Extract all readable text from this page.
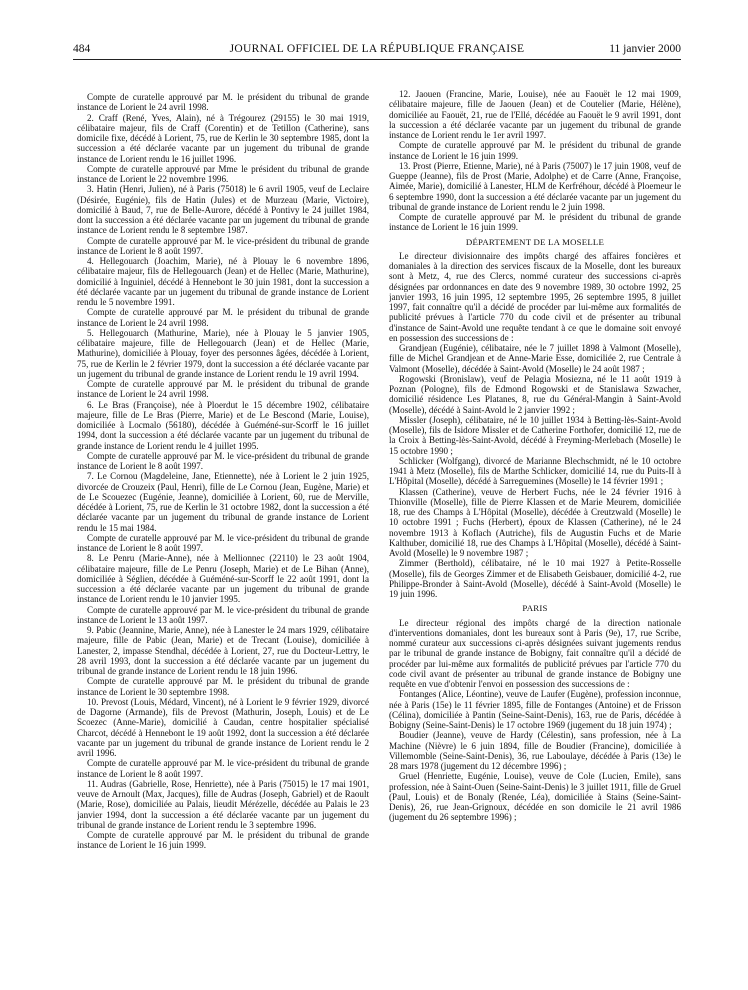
484	JOURNAL OFFICIEL DE LA RÉPUBLIQUE FRANÇAISE	11 janvier 2000

Compte de curatelle approuvé par M. le président du tribunal de grande instance de Lorient le 24 avril 1998.

2. Craff (René, Yves, Alain), né à Trégourez (29155) le 30 mai 1919, célibataire majeur, fils de Craff (Corentin) et de Tetillon (Catherine), sans domicile fixe, décédé à Lorient, 75, rue de Kerlin le 30 septembre 1985, dont la succession a été déclarée vacante par un jugement du tribunal de grande instance de Lorient rendu le 16 juillet 1996.

Compte de curatelle approuvé par Mme le président du tribunal de grande instance de Lorient le 22 novembre 1996.

3. Hatin (Henri, Julien), né à Paris (75018) le 6 avril 1905, veuf de Leclaire (Désirée, Eugénie), fils de Hatin (Jules) et de Murzeau (Marie, Victoire), domicilié à Baud, 7, rue de Belle-Aurore, décédé à Pontivy le 24 juillet 1984, dont la succession a été déclarée vacante par un jugement du tribunal de grande instance de Lorient rendu le 8 septembre 1987.

Compte de curatelle approuvé par M. le vice-président du tribunal de grande instance de Lorient le 8 août 1997.

4. Hellegouarch (Joachim, Marie), né à Plouay le 6 novembre 1896, célibataire majeur, fils de Hellegouarch (Jean) et de Hellec (Marie, Mathurine), domicilié à Inguiniel, décédé à Hennebont le 30 juin 1981, dont la succession a été déclarée vacante par un jugement du tribunal de grande instance de Lorient rendu le 5 novembre 1991.

Compte de curatelle approuvé par M. le président du tribunal de grande instance de Lorient le 24 avril 1998.

5. Hellegouarch (Mathurine, Marie), née à Plouay le 5 janvier 1905, célibataire majeure, fille de Hellegouarch (Jean) et de Hellec (Marie, Mathurine), domiciliée à Plouay, foyer des personnes âgées, décédée à Lorient, 75, rue de Kerlin le 2 février 1979, dont la succession a été déclarée vacante par un jugement du tribunal de grande instance de Lorient rendu le 19 avril 1994.

Compte de curatelle approuvé par M. le président du tribunal de grande instance de Lorient le 24 avril 1998.

6. Le Bras (Françoise), née à Ploerdut le 15 décembre 1902, célibataire majeure, fille de Le Bras (Pierre, Marie) et de Le Bescond (Marie, Louise), domiciliée à Locmalo (56180), décédée à Guéméné-sur-Scorff le 16 juillet 1994, dont la succession a été déclarée vacante par un jugement du tribunal de grande instance de Lorient rendu le 4 juillet 1995.

Compte de curatelle approuvé par M. le vice-président du tribunal de grande instance de Lorient le 8 août 1997.

7. Le Cornou (Magdeleine, Jane, Etiennette), née à Lorient le 2 juin 1925, divorcée de Crouzeix (Paul, Henri), fille de Le Cornou (Jean, Eugène, Marie) et de Le Scouezec (Eugénie, Jeanne), domiciliée à Lorient, 60, rue de Merville, décédée à Lorient, 75, rue de Kerlin le 31 octobre 1982, dont la succession a été déclarée vacante par un jugement du tribunal de grande instance de Lorient rendu le 15 mai 1984.

Compte de curatelle approuvé par M. le vice-président du tribunal de grande instance de Lorient le 8 août 1997.

8. Le Penru (Marie-Anne), née à Mellionnec (22110) le 23 août 1904, célibataire majeure, fille de Le Penru (Joseph, Marie) et de Le Bihan (Anne), domiciliée à Séglien, décédée à Guéméné-sur-Scorff le 22 août 1991, dont la succession a été déclarée vacante par un jugement du tribunal de grande instance de Lorient rendu le 10 janvier 1995.

Compte de curatelle approuvé par M. le vice-président du tribunal de grande instance de Lorient le 13 août 1997.

9. Pabic (Jeannine, Marie, Anne), née à Lanester le 24 mars 1929, célibataire majeure, fille de Pabic (Jean, Marie) et de Trecant (Louise), domiciliée à Lanester, 2, impasse Stendhal, décédée à Lorient, 27, rue du Docteur-Lettry, le 28 avril 1993, dont la succession a été déclarée vacante par un jugement du tribunal de grande instance de Lorient rendu le 18 juin 1996.

Compte de curatelle approuvé par M. le président du tribunal de grande instance de Lorient le 30 septembre 1998.

10. Prevost (Louis, Médard, Vincent), né à Lorient le 9 février 1929, divorcé de Dagorne (Armande), fils de Prevost (Mathurin, Joseph, Louis) et de Le Scoezec (Anne-Marie), domicilié à Caudan, centre hospitalier spécialisé Charcot, décédé à Hennebont le 19 août 1992, dont la succession a été déclarée vacante par un jugement du tribunal de grande instance de Lorient rendu le 2 avril 1996.

Compte de curatelle approuvé par M. le vice-président du tribunal de grande instance de Lorient le 8 août 1997.

11. Audras (Gabrielle, Rose, Henriette), née à Paris (75015) le 17 mai 1901, veuve de Arnoult (Max, Jacques), fille de Audras (Joseph, Gabriel) et de Raoult (Marie, Rose), domiciliée au Palais, lieudit Mérézelle, décédée au Palais le 23 janvier 1994, dont la succession a été déclarée vacante par un jugement du tribunal de grande instance de Lorient rendu le 3 septembre 1996.

Compte de curatelle approuvé par M. le président du tribunal de grande instance de Lorient le 16 juin 1999.

12. Jaouen (Francine, Marie, Louise), née au Faouët le 12 mai 1909, célibataire majeure, fille de Jaouen (Jean) et de Coutelier (Marie, Hélène), domiciliée au Faouët, 21, rue de l'Ellé, décédée au Faouët le 9 avril 1991, dont la succession a été déclarée vacante par un jugement du tribunal de grande instance de Lorient rendu le 1er avril 1997.

Compte de curatelle approuvé par M. le président du tribunal de grande instance de Lorient le 16 juin 1999.

13. Prost (Pierre, Etienne, Marie), né à Paris (75007) le 17 juin 1908, veuf de Gueppe (Jeanne), fils de Prost (Marie, Adolphe) et de Carre (Anne, Françoise, Aimée, Marie), domicilié à Lanester, HLM de Kerfréhour, décédé à Ploemeur le 6 septembre 1990, dont la succession a été déclarée vacante par un jugement du tribunal de grande instance de Lorient rendu le 2 juin 1998.

Compte de curatelle approuvé par M. le président du tribunal de grande instance de Lorient le 16 juin 1999.

DÉPARTEMENT DE LA MOSELLE

Le directeur divisionnaire des impôts chargé des affaires foncières et domaniales à la direction des services fiscaux de la Moselle, dont les bureaux sont à Metz, 4, rue des Clercs, nommé curateur des successions ci-après désignées par ordonnances en date des 9 novembre 1989, 30 octobre 1992, 25 janvier 1993, 16 juin 1995, 12 septembre 1995, 26 septembre 1995, 8 juillet 1997, fait connaître qu'il a décidé de procéder par lui-même aux formalités de publicité prévues à l'article 770 du code civil et de présenter au tribunal d'instance de Saint-Avold une requête tendant à ce que le domaine soit envoyé en possession des successions de :

Grandjean (Eugénie), célibataire, née le 7 juillet 1898 à Valmont (Moselle), fille de Michel Grandjean et de Anne-Marie Esse, domiciliée 2, rue Centrale à Valmont (Moselle), décédée à Saint-Avold (Moselle) le 24 août 1987 ;

Rogowski (Bronislaw), veuf de Pelagia Mosiezna, né le 11 août 1919 à Poznan (Pologne), fils de Edmond Rogowski et de Stanislawa Szwacher, domicilié résidence Les Platanes, 8, rue du Général-Mangin à Saint-Avold (Moselle), décédé à Saint-Avold le 2 janvier 1992 ;

Missler (Joseph), célibataire, né le 10 juillet 1934 à Betting-lès-Saint-Avold (Moselle), fils de Isidore Missler et de Catherine Forthofer, domicilié 12, rue de la Croix à Betting-lès-Saint-Avold, décédé à Freyming-Merlebach (Moselle) le 15 octobre 1990 ;

Schlicker (Wolfgang), divorcé de Marianne Blechschmidt, né le 10 octobre 1941 à Metz (Moselle), fils de Marthe Schlicker, domicilié 14, rue du Puits-II à L'Hôpital (Moselle), décédé à Sarreguemines (Moselle) le 14 février 1991 ;

Klassen (Catherine), veuve de Herbert Fuchs, née le 24 février 1916 à Thionville (Moselle), fille de Pierre Klassen et de Marie Meurem, domiciliée 18, rue des Champs à L'Hôpital (Moselle), décédée à Creutzwald (Moselle) le 10 octobre 1991 ; Fuchs (Herbert), époux de Klassen (Catherine), né le 24 novembre 1913 à Koflach (Autriche), fils de Augustin Fuchs et de Marie Kalthuber, domicilié 18, rue des Champs à L'Hôpital (Moselle), décédé à Saint-Avold (Moselle) le 9 novembre 1987 ;

Zimmer (Berthold), célibataire, né le 10 mai 1927 à Petite-Rosselle (Moselle), fils de Georges Zimmer et de Elisabeth Geisbauer, domicilié 4-2, rue Philippe-Bronder à Saint-Avold (Moselle), décédé à Saint-Avold (Moselle) le 19 juin 1996.

PARIS

Le directeur régional des impôts chargé de la direction nationale d'interventions domaniales, dont les bureaux sont à Paris (9e), 17, rue Scribe, nommé curateur aux successions ci-après désignées suivant jugements rendus par le tribunal de grande instance de Bobigny, fait connaître qu'il a décidé de procéder par lui-même aux formalités de publicité prévues par l'article 770 du code civil avant de présenter au tribunal de grande instance de Bobigny une requête en vue d'obtenir l'envoi en possession des successions de :

Fontanges (Alice, Léontine), veuve de Laufer (Eugène), profession inconnue, née à Paris (15e) le 11 février 1895, fille de Fontanges (Antoine) et de Frisson (Célina), domiciliée à Pantin (Seine-Saint-Denis), 163, rue de Paris, décédée à Bobigny (Seine-Saint-Denis) le 17 octobre 1969 (jugement du 18 juin 1974) ;

Boudier (Jeanne), veuve de Hardy (Célestin), sans profession, née à La Machine (Nièvre) le 6 juin 1894, fille de Boudier (Francine), domiciliée à Villemomble (Seine-Saint-Denis), 36, rue Laboulaye, décédée à Paris (13e) le 28 mars 1978 (jugement du 12 décembre 1996) ;

Gruel (Henriette, Eugénie, Louise), veuve de Cole (Lucien, Emile), sans profession, née à Saint-Ouen (Seine-Saint-Denis) le 3 juillet 1911, fille de Gruel (Paul, Louis) et de Bonaly (Renée, Léa), domiciliée à Stains (Seine-Saint-Denis), 26, rue Jean-Grignoux, décédée en son domicile le 21 avril 1986 (jugement du 26 septembre 1996) ;
